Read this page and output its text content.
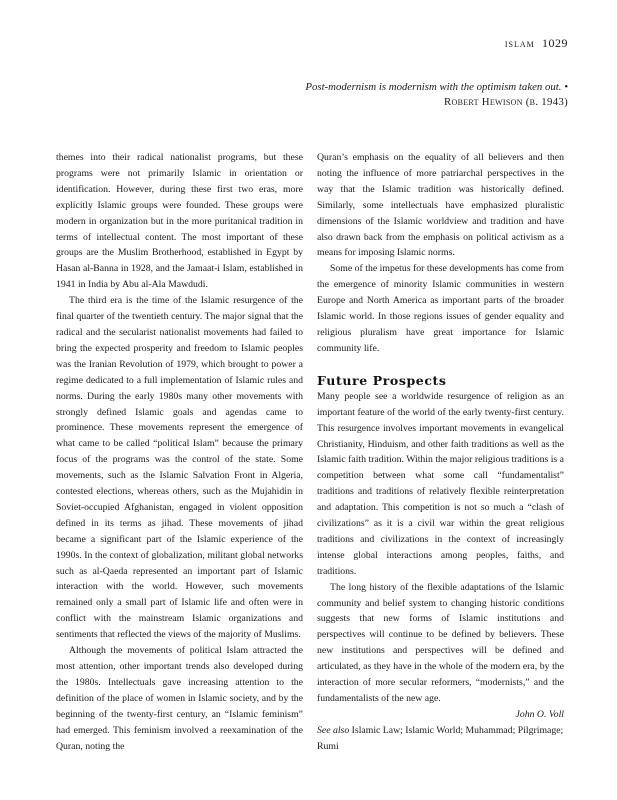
islam 1029
Post-modernism is modernism with the optimism taken out. • Robert Hewison (b. 1943)

themes into their radical nationalist programs, but these programs were not primarily Islamic in orientation or identification. However, during these first two eras, more explicitly Islamic groups were founded. These groups were modern in organization but in the more puritanical tradition in terms of intellectual content. The most important of these groups are the Muslim Brotherhood, established in Egypt by Hasan al-Banna in 1928, and the Jamaat-i Islam, established in 1941 in India by Abu al-Ala Mawdudi.

The third era is the time of the Islamic resurgence of the final quarter of the twentieth century. The major signal that the radical and the secularist nationalist movements had failed to bring the expected prosperity and freedom to Islamic peoples was the Iranian Revolution of 1979, which brought to power a regime dedicated to a full implementation of Islamic rules and norms. During the early 1980s many other movements with strongly defined Islamic goals and agendas came to prominence. These movements represent the emergence of what came to be called “political Islam” because the primary focus of the programs was the control of the state. Some movements, such as the Islamic Salvation Front in Algeria, contested elections, whereas others, such as the Mujahidin in Soviet-occupied Afghanistan, engaged in violent opposition defined in its terms as jihad. These movements of jihad became a significant part of the Islamic experience of the 1990s. In the context of globalization, militant global networks such as al-Qaeda represented an important part of Islamic interaction with the world. However, such movements remained only a small part of Islamic life and often were in conflict with the mainstream Islamic organizations and sentiments that reflected the views of the majority of Muslims.

Although the movements of political Islam attracted the most attention, other important trends also developed during the 1980s. Intellectuals gave increasing attention to the definition of the place of women in Islamic society, and by the beginning of the twenty-first century, an “Islamic feminism” had emerged. This feminism involved a reexamination of the Quran, noting the

Quran’s emphasis on the equality of all believers and then noting the influence of more patriarchal perspectives in the way that the Islamic tradition was historically defined. Similarly, some intellectuals have emphasized pluralistic dimensions of the Islamic worldview and tradition and have also drawn back from the emphasis on political activism as a means for imposing Islamic norms.

Some of the impetus for these developments has come from the emergence of minority Islamic communities in western Europe and North America as important parts of the broader Islamic world. In those regions issues of gender equality and religious pluralism have great importance for Islamic community life.

Future Prospects

Many people see a worldwide resurgence of religion as an important feature of the world of the early twenty-first century. This resurgence involves important movements in evangelical Christianity, Hinduism, and other faith traditions as well as the Islamic faith tradition. Within the major religious traditions is a competition between what some call “fundamentalist” traditions and traditions of relatively flexible reinterpretation and adaptation. This competition is not so much a “clash of civilizations” as it is a civil war within the great religious traditions and civilizations in the context of increasingly intense global interactions among peoples, faiths, and traditions.

The long history of the flexible adaptations of the Islamic community and belief system to changing historic conditions suggests that new forms of Islamic institutions and perspectives will continue to be defined by believers. These new institutions and perspectives will be defined and articulated, as they have in the whole of the modern era, by the interaction of more secular reformers, “modernists,” and the fundamentalists of the new age.

John O. Voll

See also Islamic Law; Islamic World; Muhammad; Pilgrimage; Rumi
